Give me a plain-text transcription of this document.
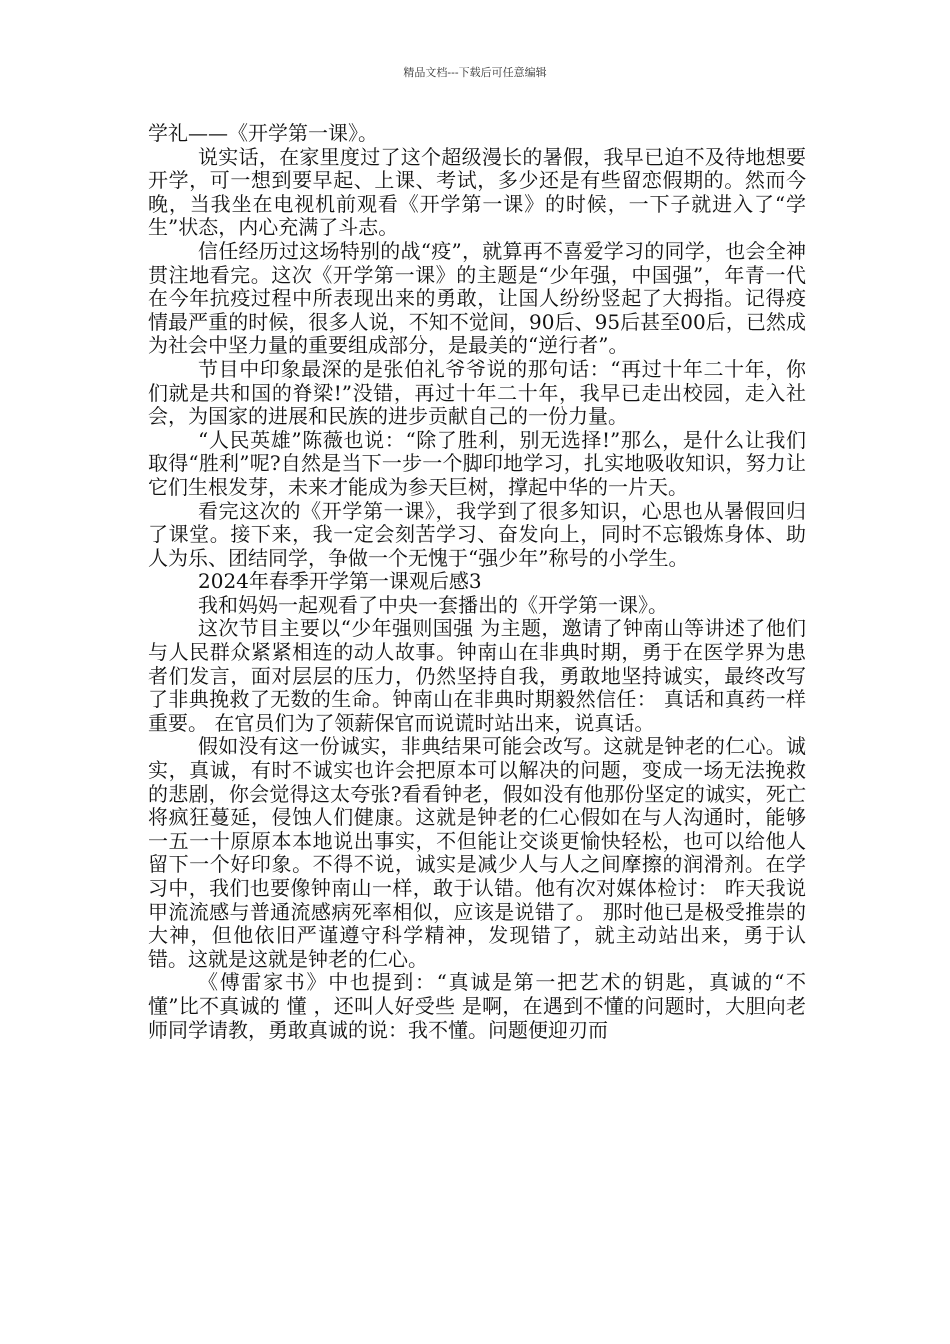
精品文档---下载后可任意编辑

学礼——《开学第一课》。

说实话，在家里度过了这个超级漫长的暑假，我早已迫不及待地想要开学，可一想到要早起、上课、考试，多少还是有些留恋假期的。然而今晚，当我坐在电视机前观看《开学第一课》的时候，一下子就进入了“学生”状态，内心充满了斗志。

信任经历过这场特别的战“疫”，就算再不喜爱学习的同学，也会全神贯注地看完。这次《开学第一课》的主题是“少年强，中国强”，年青一代在今年抗疫过程中所表现出来的勇敢，让国人纷纷竖起了大拇指。记得疫情最严重的时候，很多人说，不知不觉间，90后、95后甚至00后，已然成为社会中坚力量的重要组成部分，是最美的“逆行者”。

节目中印象最深的是张伯礼爷爷说的那句话：“再过十年二十年，你们就是共和国的脊梁!”没错，再过十年二十年，我早已走出校园，走入社会，为国家的进展和民族的进步贡献自己的一份力量。

“人民英雄”陈薇也说：“除了胜利，别无选择!”那么，是什么让我们取得“胜利”呢?自然是当下一步一个脚印地学习，扎实地吸收知识，努力让它们生根发芽，未来才能成为参天巨树，撑起中华的一片天。

看完这次的《开学第一课》，我学到了很多知识，心思也从暑假回归了课堂。接下来，我一定会刻苦学习、奋发向上，同时不忘锻炼身体、助人为乐、团结同学，争做一个无愧于“强少年”称号的小学生。

2024年春季开学第一课观后感3

我和妈妈一起观看了中央一套播出的《开学第一课》。

这次节目主要以“少年强则国强 为主题，邀请了钟南山等讲述了他们与人民群众紧紧相连的动人故事。钟南山在非典时期，勇于在医学界为患者们发言，面对层层的压力，仍然坚持自我，勇敢地坚持诚实，最终改写了非典挽救了无数的生命。钟南山在非典时期毅然信任： 真话和真药一样重要。 在官员们为了领薪保官而说谎时站出来，说真话。

假如没有这一份诚实，非典结果可能会改写。这就是钟老的仁心。诚实，真诚，有时不诚实也许会把原本可以解决的问题，变成一场无法挽救的悲剧，你会觉得这太夸张?看看钟老，假如没有他那份坚定的诚实，死亡将疯狂蔓延，侵蚀人们健康。这就是钟老的仁心假如在与人沟通时，能够一五一十原原本本地说出事实，不但能让交谈更愉快轻松，也可以给他人留下一个好印象。不得不说，诚实是减少人与人之间摩擦的润滑剂。在学习中，我们也要像钟南山一样，敢于认错。他有次对媒体检讨： 昨天我说甲流流感与普通流感病死率相似，应该是说错了。 那时他已是极受推崇的大神，但他依旧严谨遵守科学精神，发现错了，就主动站出来，勇于认错。这就是这就是钟老的仁心。

《傅雷家书》中也提到：“真诚是第一把艺术的钥匙，真诚的“不懂”比不真诚的 懂 ，还叫人好受些 是啊，在遇到不懂的问题时，大胆向老师同学请教，勇敢真诚的说：我不懂。问题便迎刃而
